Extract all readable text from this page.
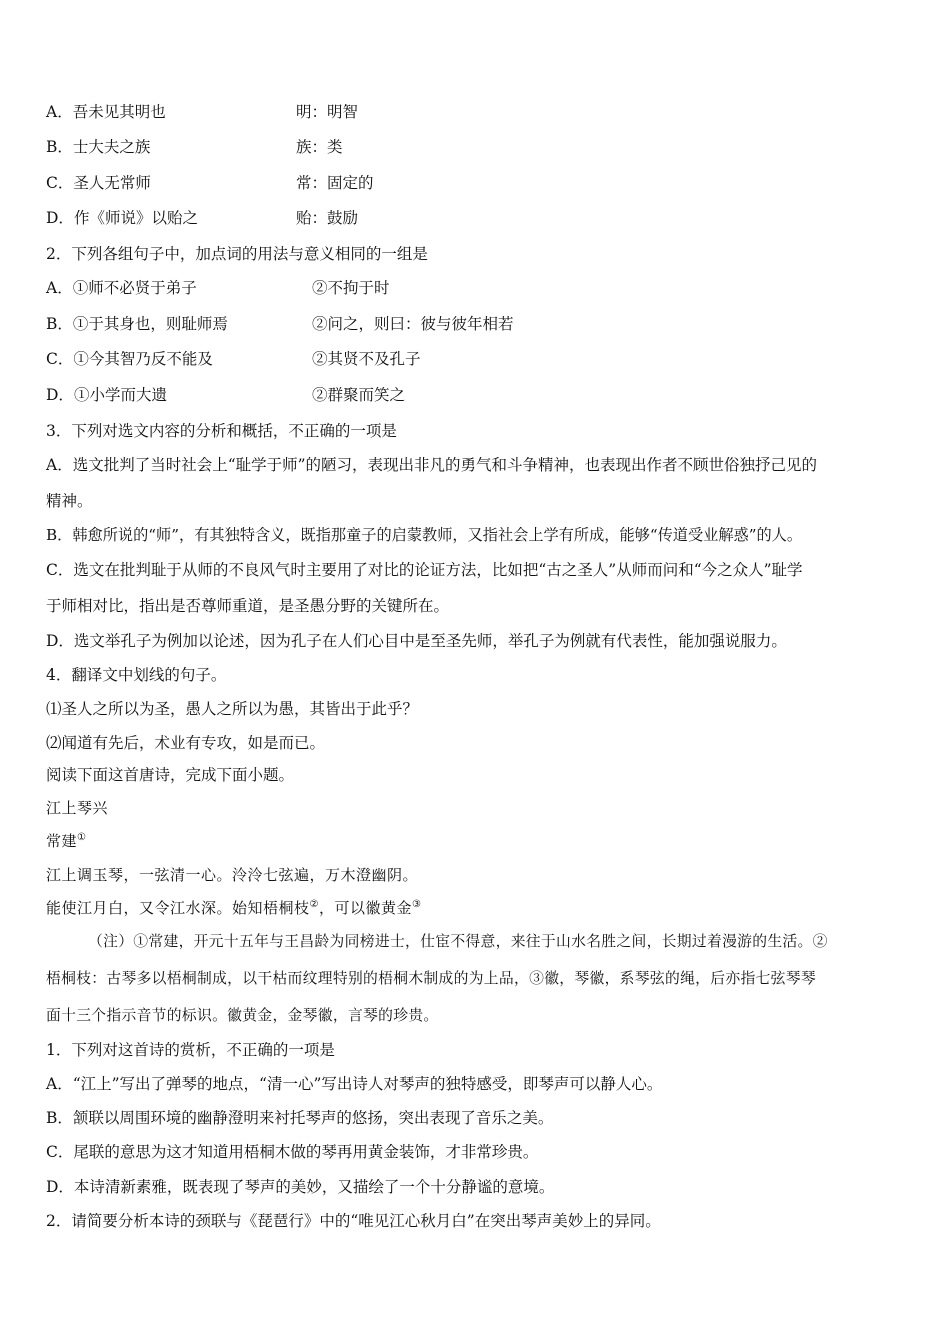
A．吾未见其明也	明：明智
B．士大夫之族	族：类
C．圣人无常师	常：固定的
D．作《师说》以贻之	贻：鼓励
2．下列各组句子中，加点词的用法与意义相同的一组是
A．①师不必贤于弟子	②不拘于时
B．①于其身也，则耻师焉	②问之，则曰：彼与彼年相若
C．①今其智乃反不能及	②其贤不及孔子
D．①小学而大遗	②群聚而笑之
3．下列对选文内容的分析和概括，不正确的一项是
A．选文批判了当时社会上“耻学于师”的陋习，表现出非凡的勇气和斗争精神，也表现出作者不顾世俗独抒己见的
精神。
B．韩愈所说的“师”，有其独特含义，既指那童子的启蒙教师，又指社会上学有所成，能够“传道受业解惑”的人。
C．选文在批判耻于从师的不良风气时主要用了对比的论证方法，比如把“古之圣人”从师而问和“今之众人”耻学
于师相对比，指出是否尊师重道，是圣愚分野的关键所在。
D．选文举孔子为例加以论述，因为孔子在人们心目中是至圣先师，举孔子为例就有代表性，能加强说服力。
4．翻译文中划线的句子。
⑴圣人之所以为圣，愚人之所以为愚，其皆出于此乎？
⑵闻道有先后，术业有专攻，如是而已。
阅读下面这首唐诗，完成下面小题。
江上琴兴
常建①
江上调玉琴，一弦清一心。泠泠七弦遍，万木澄幽阴。
能使江月白，又令江水深。始知梧桐枝②，可以徽黄金③
（注）①常建，开元十五年与王昌龄为同榜进士，仕宦不得意，来往于山水名胜之间，长期过着漫游的生活。②
梧桐枝：古琴多以梧桐制成，以干枯而纹理特别的梧桐木制成的为上品，③徽，琴徽，系琴弦的绳，后亦指七弦琴琴
面十三个指示音节的标识。徽黄金，金琴徽，言琴的珍贵。
1．下列对这首诗的赏析，不正确的一项是
A．“江上”写出了弹琴的地点，“清一心”写出诗人对琴声的独特感受，即琴声可以静人心。
B．颔联以周围环境的幽静澄明来衬托琴声的悠扬，突出表现了音乐之美。
C．尾联的意思为这才知道用梧桐木做的琴再用黄金装饰，才非常珍贵。
D．本诗清新素雅，既表现了琴声的美妙，又描绘了一个十分静谧的意境。
2．请简要分析本诗的颈联与《琵琶行》中的“唯见江心秋月白”在突出琴声美妙上的异同。
